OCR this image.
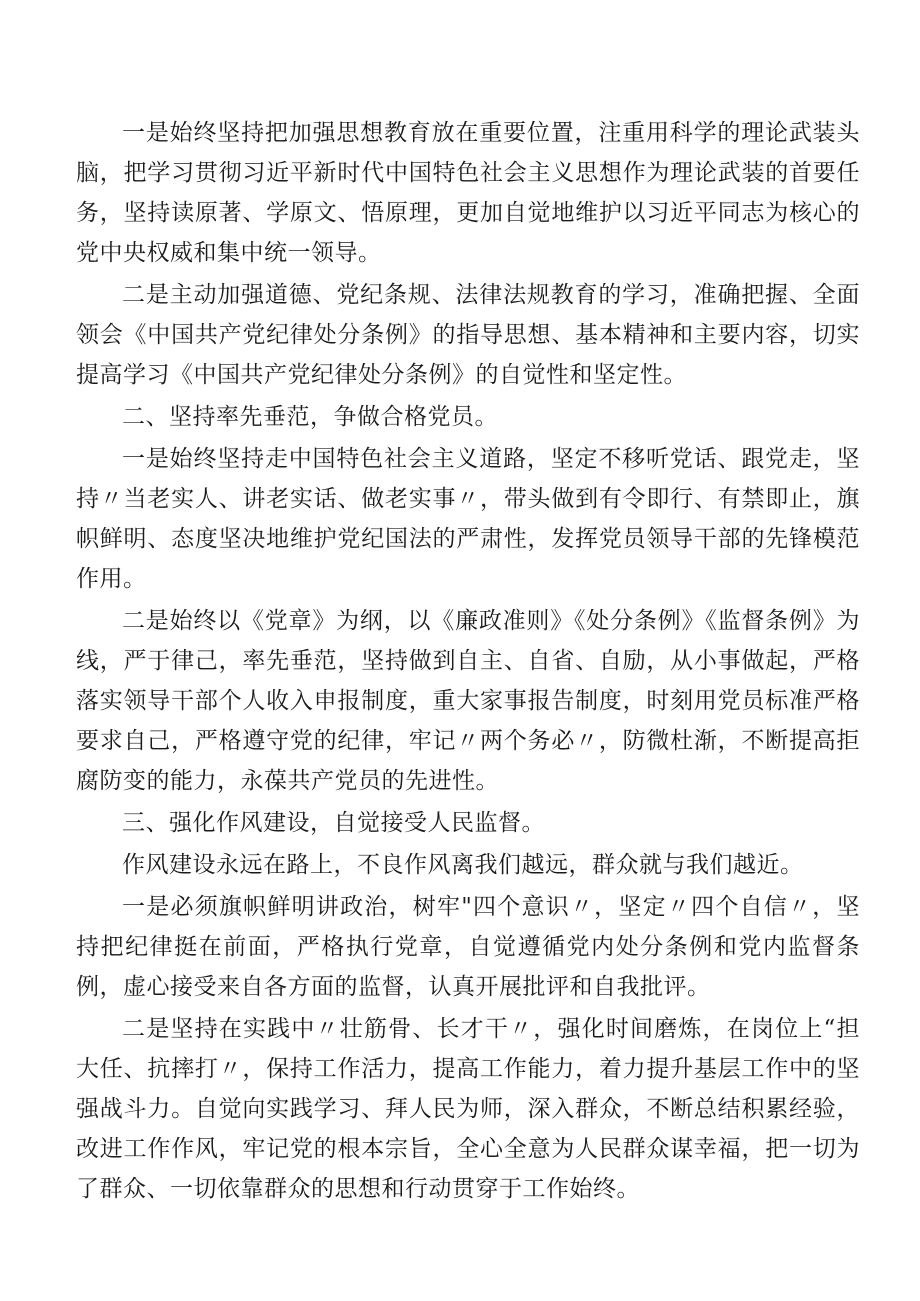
一是始终坚持把加强思想教育放在重要位置，注重用科学的理论武装头脑，把学习贯彻习近平新时代中国特色社会主义思想作为理论武装的首要任务，坚持读原著、学原文、悟原理，更加自觉地维护以习近平同志为核心的党中央权威和集中统一领导。

二是主动加强道德、党纪条规、法律法规教育的学习，准确把握、全面领会《中国共产党纪律处分条例》的指导思想、基本精神和主要内容，切实提高学习《中国共产党纪律处分条例》的自觉性和坚定性。

二、坚持率先垂范，争做合格党员。

一是始终坚持走中国特色社会主义道路，坚定不移听党话、跟党走，坚持〃当老实人、讲老实话、做老实事〃，带头做到有令即行、有禁即止，旗帜鲜明、态度坚决地维护党纪国法的严肃性，发挥党员领导干部的先锋模范作用。

二是始终以《党章》为纲，以《廉政准则》《处分条例》《监督条例》为线，严于律己，率先垂范，坚持做到自主、自省、自励，从小事做起，严格落实领导干部个人收入申报制度，重大家事报告制度，时刻用党员标准严格要求自己，严格遵守党的纪律，牢记〃两个务必〃，防微杜渐，不断提高拒腐防变的能力，永葆共产党员的先进性。

三、强化作风建设，自觉接受人民监督。

作风建设永远在路上，不良作风离我们越远，群众就与我们越近。

一是必须旗帜鲜明讲政治，树牢"四个意识〃，坚定〃四个自信〃，坚持把纪律挺在前面，严格执行党章，自觉遵循党内处分条例和党内监督条例，虚心接受来自各方面的监督，认真开展批评和自我批评。

二是坚持在实践中〃壮筋骨、长才干〃，强化时间磨炼，在岗位上“担大任、抗摔打〃，保持工作活力，提高工作能力，着力提升基层工作中的坚强战斗力。自觉向实践学习、拜人民为师，深入群众，不断总结积累经验，改进工作作风，牢记党的根本宗旨，全心全意为人民群众谋幸福，把一切为了群众、一切依靠群众的思想和行动贯穿于工作始终。
